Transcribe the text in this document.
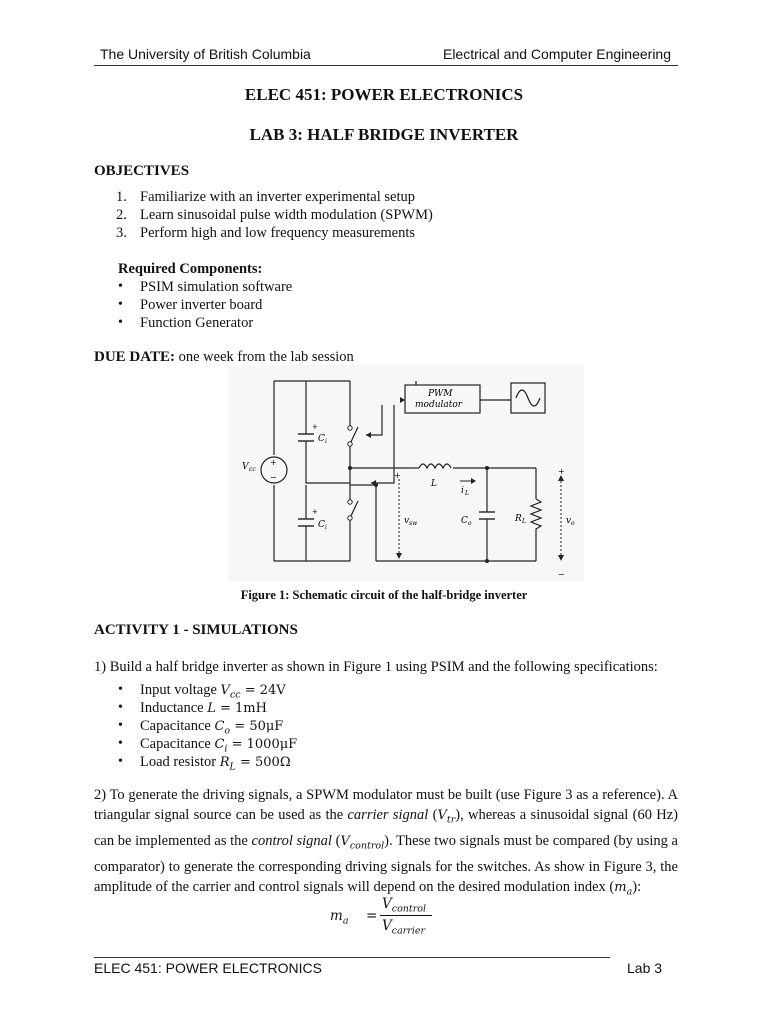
The University of British Columbia	Electrical and Computer Engineering
ELEC 451: POWER ELECTRONICS
LAB 3: HALF BRIDGE INVERTER
OBJECTIVES
1. Familiarize with an inverter experimental setup
2. Learn sinusoidal pulse width modulation (SPWM)
3. Perform high and low frequency measurements
Required Components:
• PSIM simulation software
• Power inverter board
• Function Generator
DUE DATE: one week from the lab session
+
−
V cc
PWM
modulator
+	+
−
+
C i
+
C i
L
i L
v sw	C o	R L	v o
Figure 1: Schematic circuit of the half-bridge inverter
ACTIVITY 1 - SIMULATIONS
1) Build a half bridge inverter as shown in Figure 1 using PSIM and the following specifications:
• Input voltage $V_{cc} = 24V$
• Inductance L = 1mH
• Capacitance $C_o = 50\mu F$
• Capacitance $C_i = 1000\mu F$
• Load resistor $R_L = 500\Omega$
2) To generate the driving signals, a SPWM modulator must be built (use Figure 3 as a reference). A triangular signal source can be used as the carrier signal $(V_{tr})$, whereas a sinusoidal signal (60 Hz) can be implemented as the control signal $(V_{control})$. These two signals must be compared (by using a comparator) to generate the corresponding driving signals for the switches. As show in Figure 3, the amplitude of the carrier and control signals will depend on the desired modulation index $(m_a)$:
$m_a$ =
$V_{control}$
$V_{carrier}$
ELEC 451: POWER ELECTRONICS	Lab 3
